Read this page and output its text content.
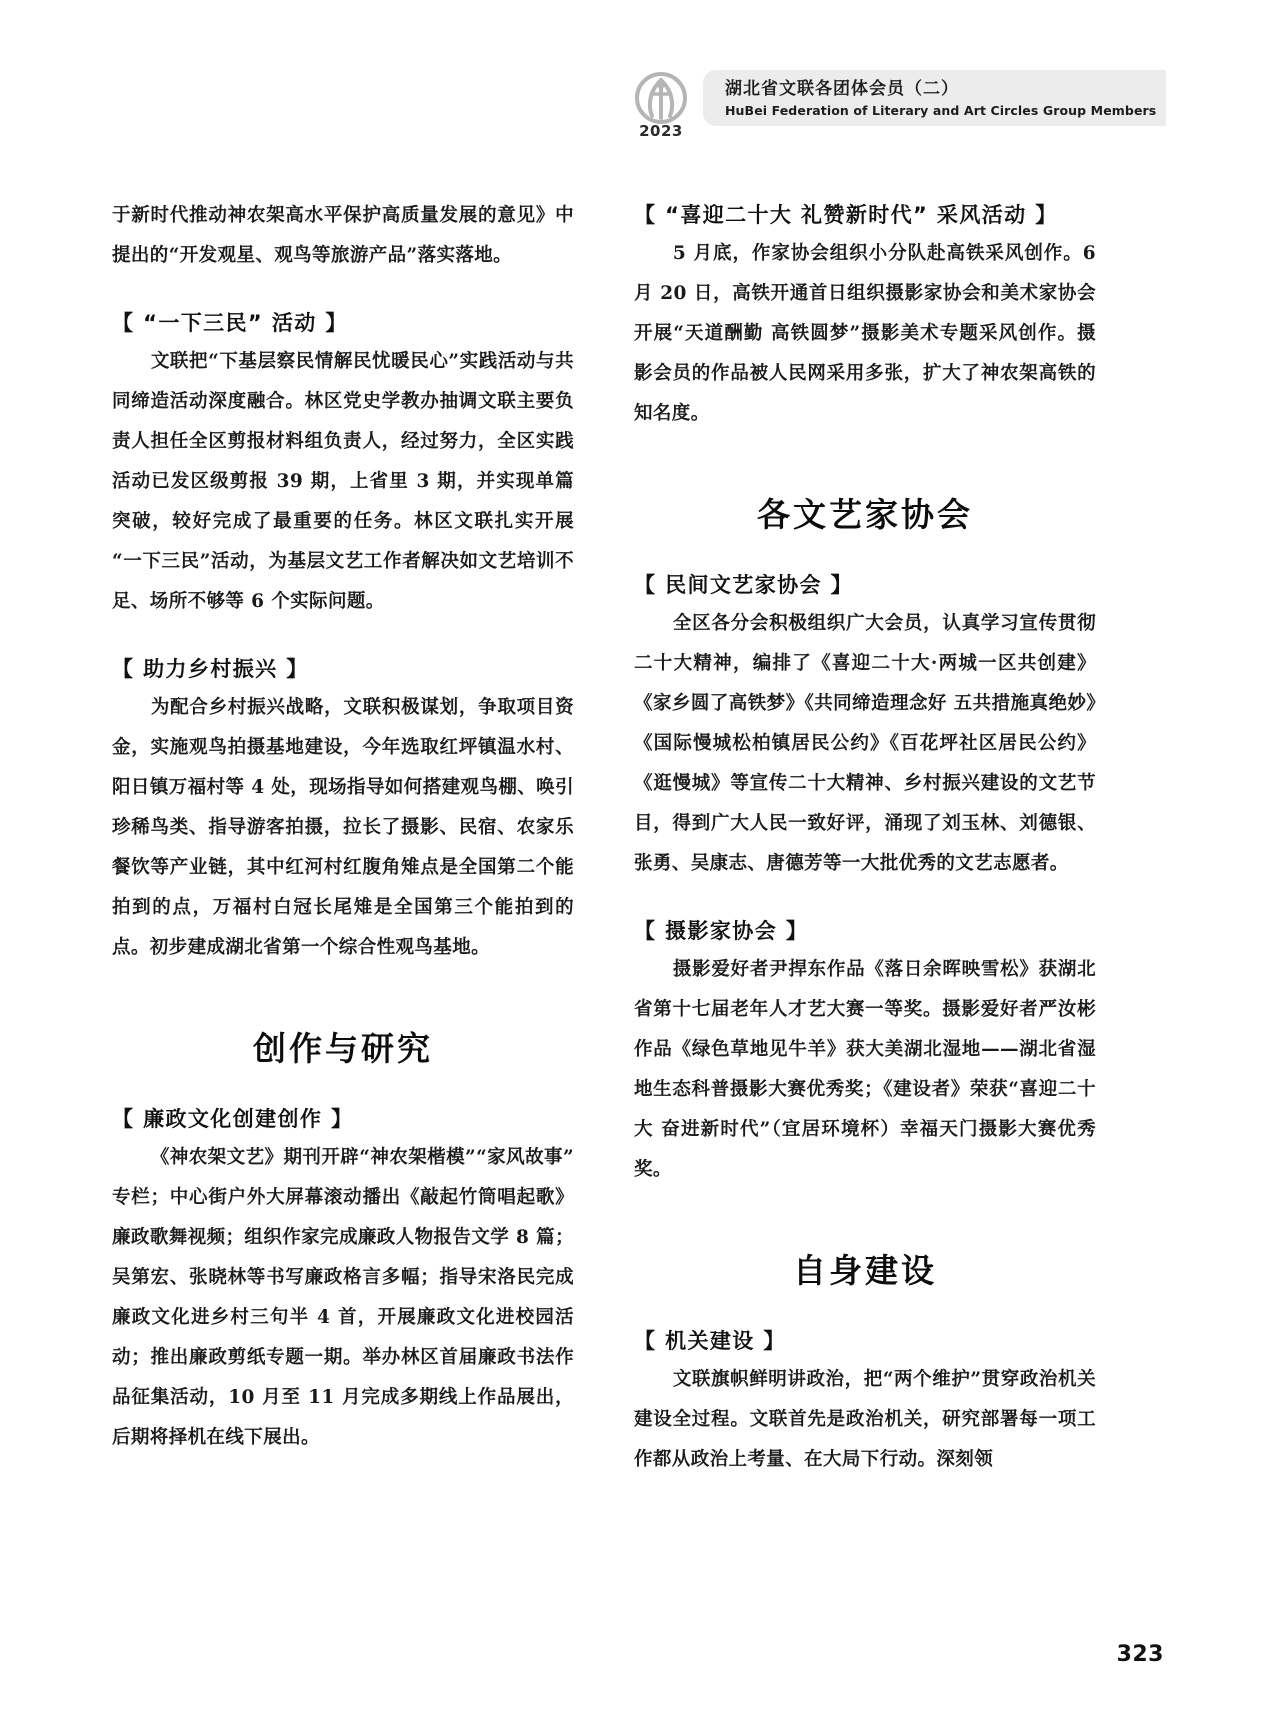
2023
湖北省文联各团体会员（二）
HuBei Federation of Literary and Art Circles Group Members

于新时代推动神农架高水平保护高质量发展的意见》中提出的“开发观星、观鸟等旅游产品”落实落地。

【 “一下三民” 活动 】

文联把“下基层察民情解民忧暖民心”实践活动与共同缔造活动深度融合。林区党史学教办抽调文联主要负责人担任全区剪报材料组负责人，经过努力，全区实践活动已发区级剪报 39 期，上省里 3 期，并实现单篇突破，较好完成了最重要的任务。林区文联扎实开展“一下三民”活动，为基层文艺工作者解决如文艺培训不足、场所不够等 6 个实际问题。

【 助力乡村振兴 】

为配合乡村振兴战略，文联积极谋划，争取项目资金，实施观鸟拍摄基地建设，今年选取红坪镇温水村、阳日镇万福村等 4 处，现场指导如何搭建观鸟棚、唤引珍稀鸟类、指导游客拍摄，拉长了摄影、民宿、农家乐餐饮等产业链，其中红河村红腹角雉点是全国第二个能拍到的点，万福村白冠长尾雉是全国第三个能拍到的点。初步建成湖北省第一个综合性观鸟基地。

创作与研究
【 廉政文化创建创作 】

《神农架文艺》期刊开辟“神农架楷模”“家风故事”专栏；中心街户外大屏幕滚动播出《敲起竹筒唱起歌》廉政歌舞视频；组织作家完成廉政人物报告文学 8 篇；吴第宏、张晓林等书写廉政格言多幅；指导宋洛民完成廉政文化进乡村三句半 4 首，开展廉政文化进校园活动；推出廉政剪纸专题一期。举办林区首届廉政书法作品征集活动，10 月至 11 月完成多期线上作品展出，后期将择机在线下展出。

【 “喜迎二十大 礼赞新时代” 采风活动 】

5 月底，作家协会组织小分队赴高铁采风创作。6 月 20 日，高铁开通首日组织摄影家协会和美术家协会开展“天道酬勤 高铁圆梦”摄影美术专题采风创作。摄影会员的作品被人民网采用多张，扩大了神农架高铁的知名度。

各文艺家协会
【 民间文艺家协会 】

全区各分会积极组织广大会员，认真学习宣传贯彻二十大精神，编排了《喜迎二十大·两城一区共创建》《家乡圆了高铁梦》《共同缔造理念好 五共措施真绝妙》《国际慢城松柏镇居民公约》《百花坪社区居民公约》《逛慢城》等宣传二十大精神、乡村振兴建设的文艺节目，得到广大人民一致好评，涌现了刘玉林、刘德银、张勇、吴康志、唐德芳等一大批优秀的文艺志愿者。

【 摄影家协会 】

摄影爱好者尹捍东作品《落日余晖映雪松》获湖北省第十七届老年人才艺大赛一等奖。摄影爱好者严汝彬作品《绿色草地见牛羊》获大美湖北湿地——湖北省湿地生态科普摄影大赛优秀奖；《建设者》荣获“喜迎二十大 奋进新时代”（宜居环境杯）幸福天门摄影大赛优秀奖。

自身建设
【 机关建设 】

文联旗帜鲜明讲政治，把“两个维护”贯穿政治机关建设全过程。文联首先是政治机关，研究部署每一项工作都从政治上考量、在大局下行动。深刻领

323
